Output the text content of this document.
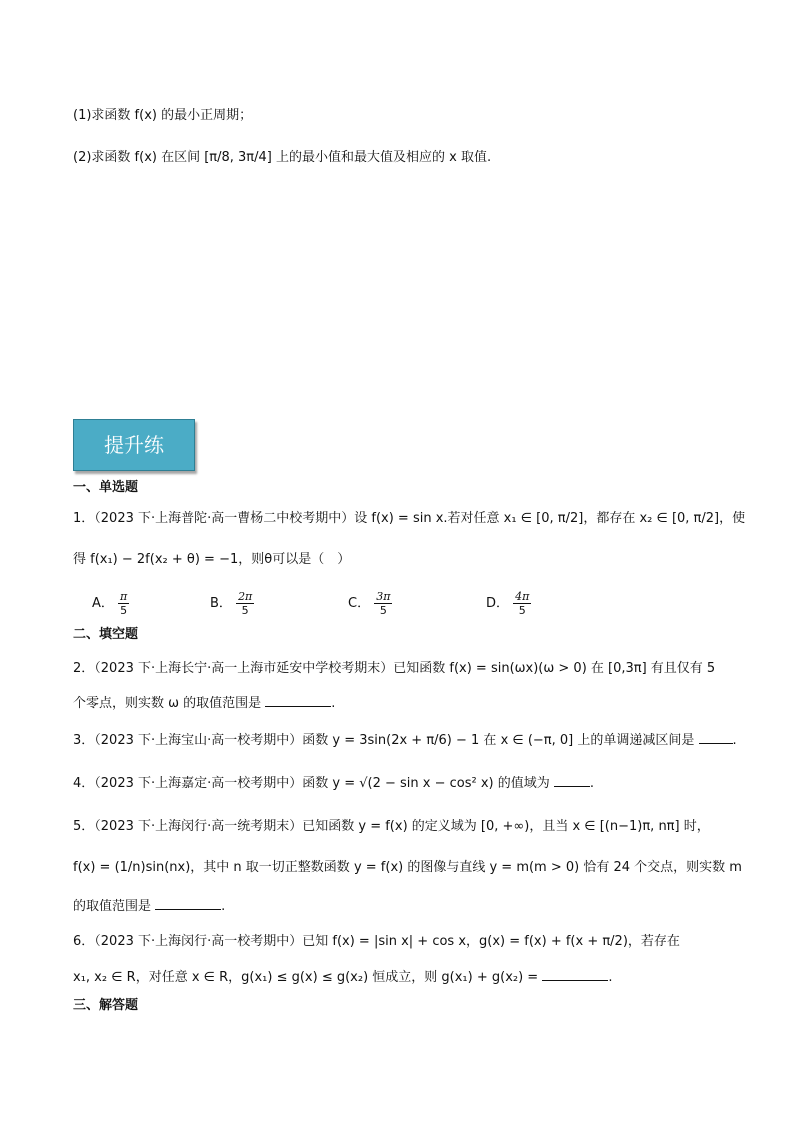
(1)求函数 f(x) 的最小正周期；
(2)求函数 f(x) 在区间 [π/8, 3π/4] 上的最小值和最大值及相应的 x 取值.
提升练
一、单选题
1．（2023 下·上海普陀·高一曹杨二中校考期中）设 f(x) = sin x.若对任意 x₁ ∈ [0, π/2]，都存在 x₂ ∈ [0, π/2]，使
得 f(x₁) − 2f(x₂ + θ) = −1，则θ可以是（　）
A． $\frac{\pi}{5}$	B． $\frac{2\pi}{5}$	C． $\frac{3\pi}{5}$	D． $\frac{4\pi}{5}$
二、填空题
2．（2023 下·上海长宁·高一上海市延安中学校考期末）已知函数 f(x) = sin(ωx)(ω > 0) 在 [0,3π] 有且仅有 5
个零点，则实数 ω 的取值范围是	.
3．（2023 下·上海宝山·高一校考期中）函数 y = 3sin(2x + π/6) − 1 在 x ∈ (−π, 0] 上的单调递减区间是	.
4．（2023 下·上海嘉定·高一校考期中）函数 y = √(2 − sin x − cos² x) 的值域为	.
5．（2023 下·上海闵行·高一统考期末）已知函数 y = f(x) 的定义域为 [0, +∞)，且当 x ∈ [(n−1)π, nπ] 时，
f(x) = (1/n)sin(nx)，其中 n 取一切正整数函数 y = f(x) 的图像与直线 y = m(m > 0) 恰有 24 个交点，则实数 m
的取值范围是	.
6．（2023 下·上海闵行·高一校考期中）已知 f(x) = |sin x| + cos x，g(x) = f(x) + f(x + π/2)，若存在
x₁, x₂ ∈ R，对任意 x ∈ R，g(x₁) ≤ g(x) ≤ g(x₂) 恒成立，则 g(x₁) + g(x₂) =	.
三、解答题
